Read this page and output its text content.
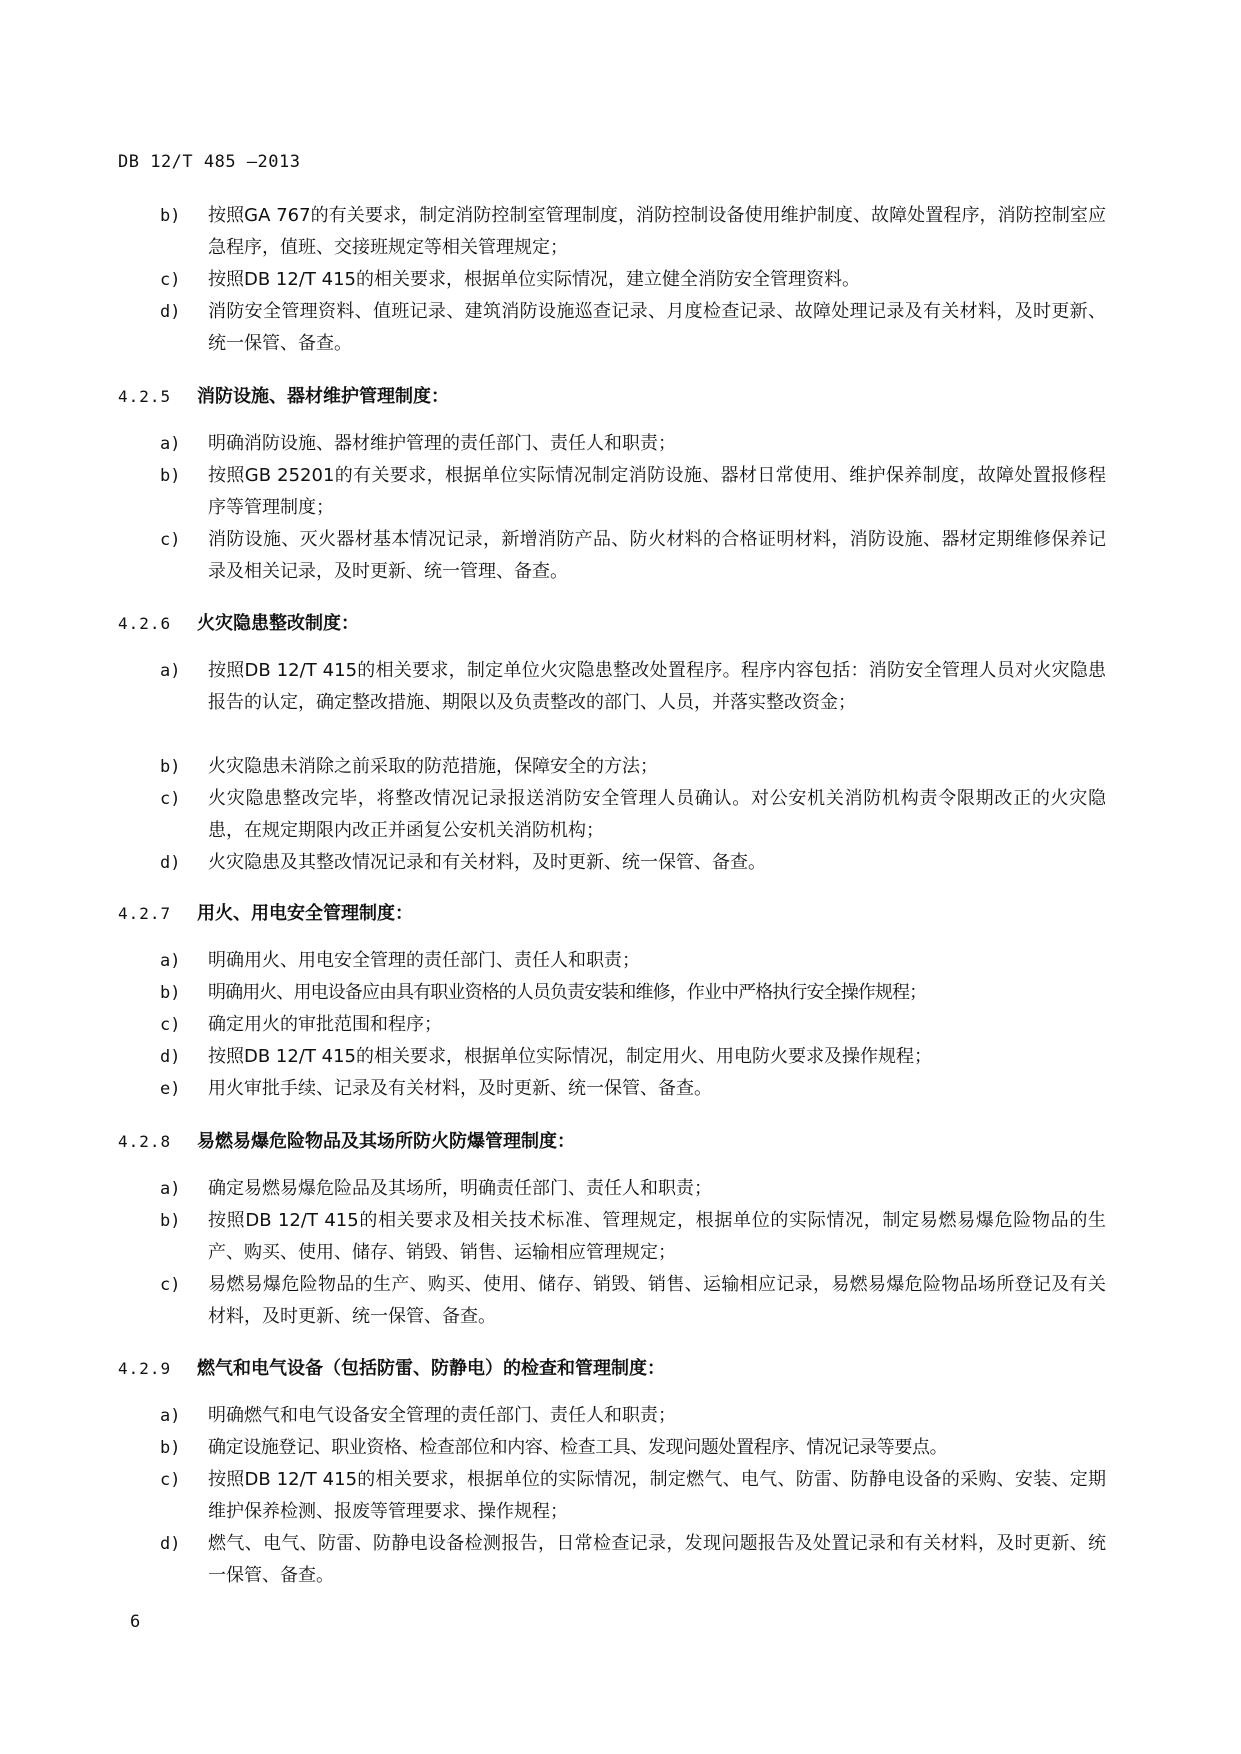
DB 12/T 485 —2013
b)	按照GA 767的有关要求，制定消防控制室管理制度，消防控制设备使用维护制度、故障处置程序，消防控制室应急程序，值班、交接班规定等相关管理规定；
c)	按照DB 12/T 415的相关要求，根据单位实际情况，建立健全消防安全管理资料。
d)	消防安全管理资料、值班记录、建筑消防设施巡查记录、月度检查记录、故障处理记录及有关材料，及时更新、统一保管、备查。
4.2.5 消防设施、器材维护管理制度：
a)	明确消防设施、器材维护管理的责任部门、责任人和职责；
b)	按照GB 25201的有关要求，根据单位实际情况制定消防设施、器材日常使用、维护保养制度，故障处置报修程序等管理制度；
c)	消防设施、灭火器材基本情况记录，新增消防产品、防火材料的合格证明材料，消防设施、器材定期维修保养记录及相关记录，及时更新、统一管理、备查。
4.2.6 火灾隐患整改制度：
a)	按照DB 12/T 415的相关要求，制定单位火灾隐患整改处置程序。程序内容包括：消防安全管理人员对火灾隐患报告的认定，确定整改措施、期限以及负责整改的部门、人员，并落实整改资金；
b)	火灾隐患未消除之前采取的防范措施，保障安全的方法；
c)	火灾隐患整改完毕，将整改情况记录报送消防安全管理人员确认。对公安机关消防机构责令限期改正的火灾隐患，在规定期限内改正并函复公安机关消防机构；
d)	火灾隐患及其整改情况记录和有关材料，及时更新、统一保管、备查。
4.2.7 用火、用电安全管理制度：
a)	明确用火、用电安全管理的责任部门、责任人和职责；
b)	明确用火、用电设备应由具有职业资格的人员负责安装和维修，作业中严格执行安全操作规程；
c)	确定用火的审批范围和程序；
d)	按照DB 12/T 415的相关要求，根据单位实际情况，制定用火、用电防火要求及操作规程；
e)	用火审批手续、记录及有关材料，及时更新、统一保管、备查。
4.2.8 易燃易爆危险物品及其场所防火防爆管理制度：
a)	确定易燃易爆危险品及其场所，明确责任部门、责任人和职责；
b)	按照DB 12/T 415的相关要求及相关技术标准、管理规定，根据单位的实际情况，制定易燃易爆危险物品的生产、购买、使用、储存、销毁、销售、运输相应管理规定；
c)	易燃易爆危险物品的生产、购买、使用、储存、销毁、销售、运输相应记录，易燃易爆危险物品场所登记及有关材料，及时更新、统一保管、备查。
4.2.9 燃气和电气设备（包括防雷、防静电）的检查和管理制度：
a)	明确燃气和电气设备安全管理的责任部门、责任人和职责；
b)	确定设施登记、职业资格、检查部位和内容、检查工具、发现问题处置程序、情况记录等要点。
c)	按照DB 12/T 415的相关要求，根据单位的实际情况，制定燃气、电气、防雷、防静电设备的采购、安装、定期维护保养检测、报废等管理要求、操作规程；
d)	燃气、电气、防雷、防静电设备检测报告，日常检查记录，发现问题报告及处置记录和有关材料，及时更新、统一保管、备查。
6
